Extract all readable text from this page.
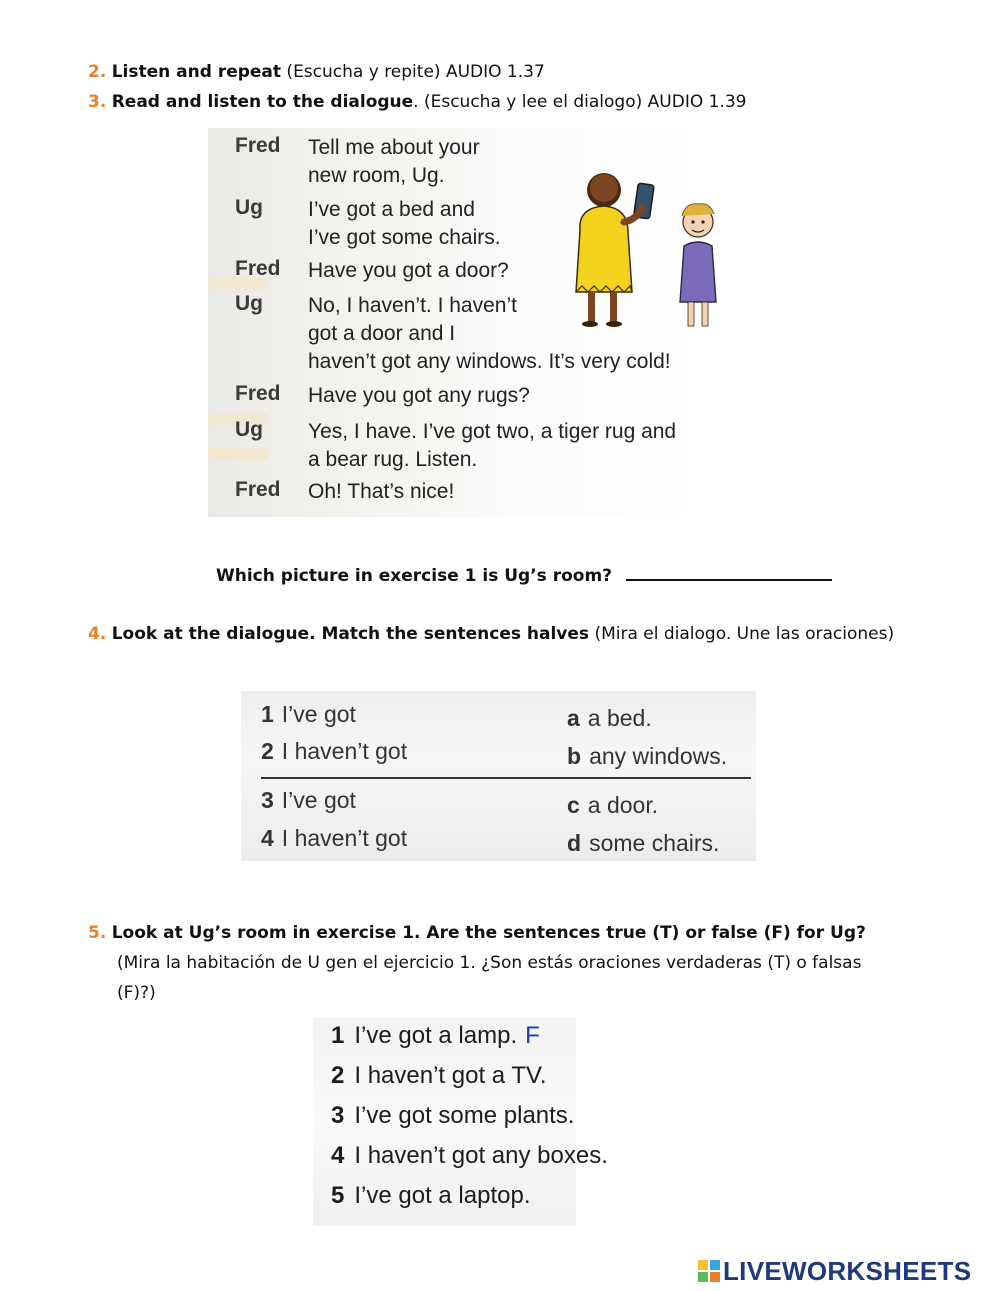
2. Listen and repeat (Escucha y repite) AUDIO 1.37
3. Read and listen to the dialogue. (Escucha y lee el dialogo) AUDIO 1.39
Fred Tell me about your
new room, Ug.
Ug I’ve got a bed and
I’ve got some chairs.
Fred Have you got a door?
Ug No, I haven’t. I haven’t
got a door and I
haven’t got any windows. It’s very cold!
Fred Have you got any rugs?
Ug Yes, I have. I’ve got two, a tiger rug and
a bear rug. Listen.
Fred Oh! That’s nice!
Which picture in exercise 1 is Ug’s room?
4. Look at the dialogue. Match the sentences halves (Mira el dialogo. Une las oraciones)
1 I’ve got
2 I haven’t got
3 I’ve got
4 I haven’t got
a a bed.
b any windows.
c a door.
d some chairs.
5. Look at Ug’s room in exercise 1. Are the sentences true (T) or false (F) for Ug?
(Mira la habitación de U gen el ejercicio 1. ¿Son estás oraciones verdaderas (T) o falsas
(F)?)
1 I’ve got a lamp. F
2 I haven’t got a TV.
3 I’ve got some plants.
4 I haven’t got any boxes.
5 I’ve got a laptop.
LIVEWORKSHEETS
